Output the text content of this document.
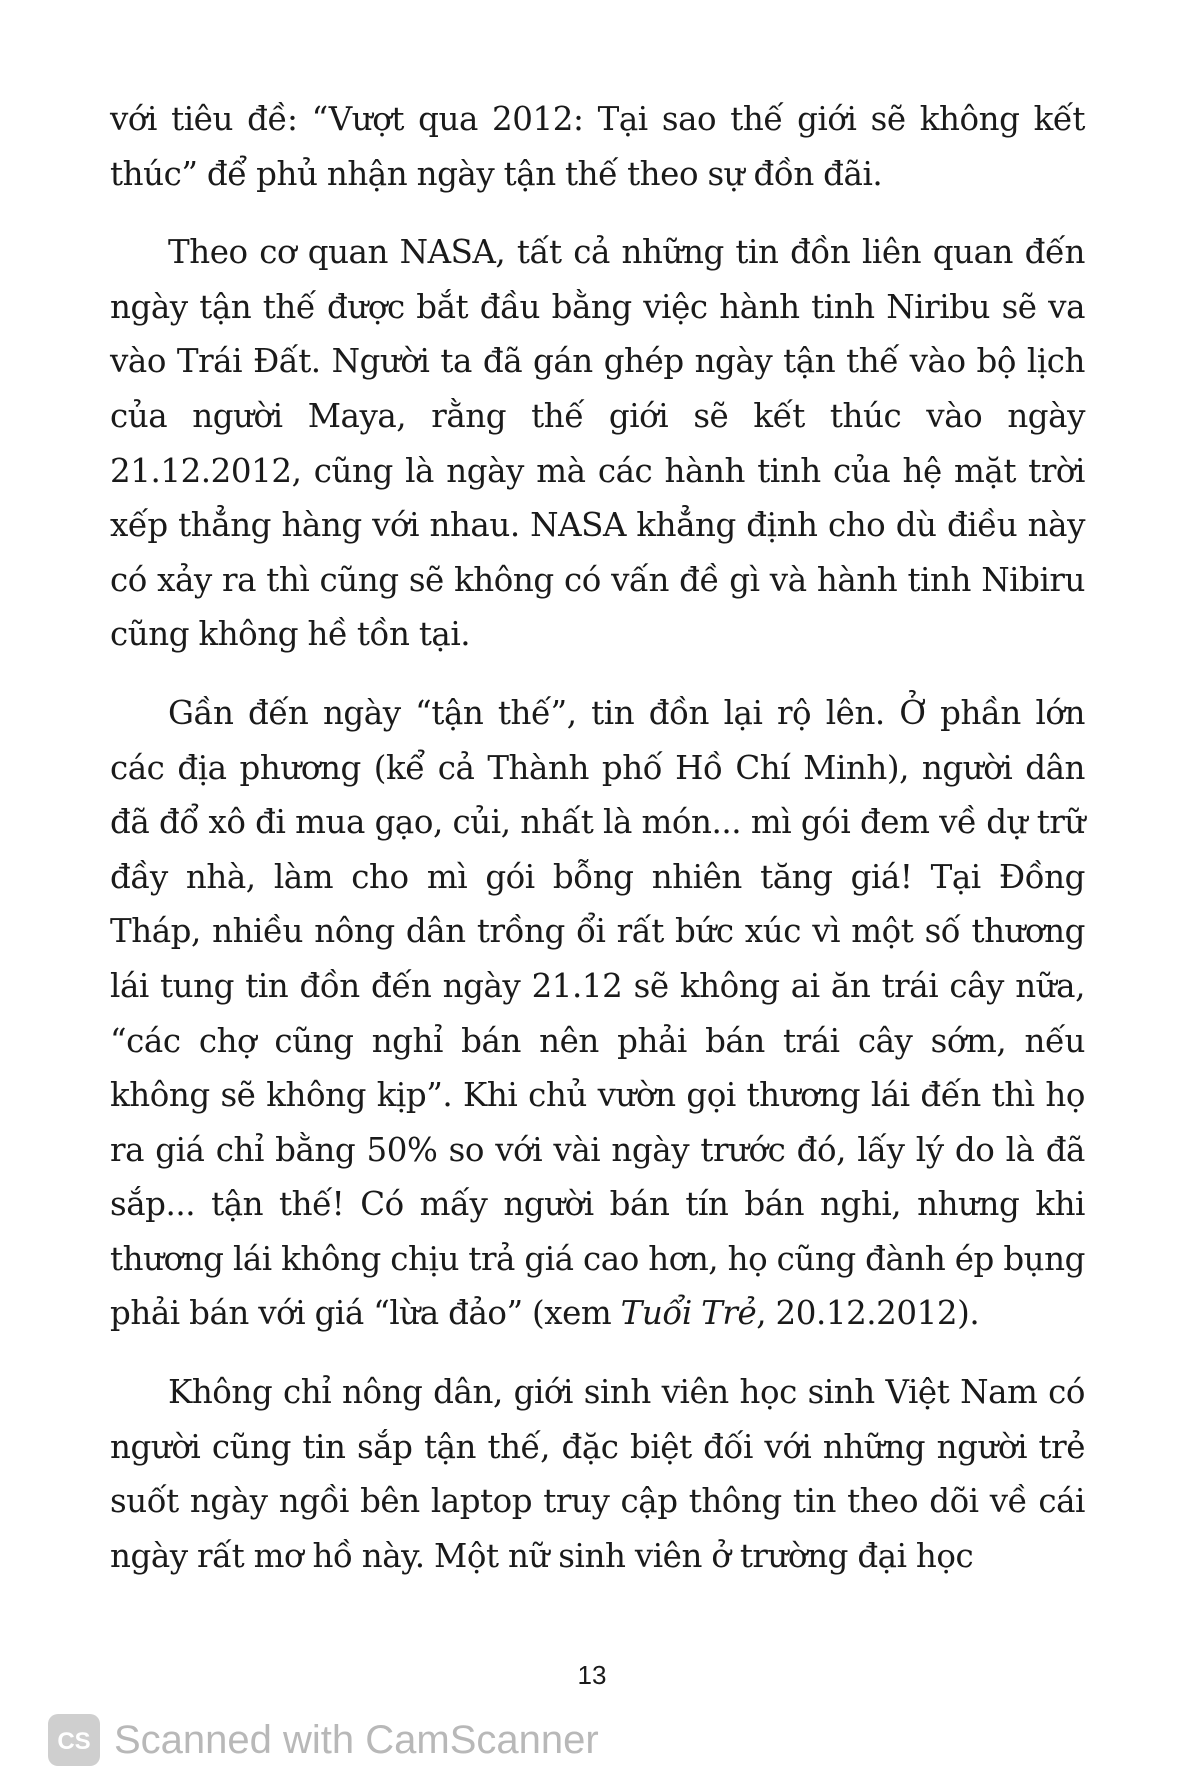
với tiêu đề: “Vượt qua 2012: Tại sao thế giới sẽ không kết thúc” để phủ nhận ngày tận thế theo sự đồn đãi.

Theo cơ quan NASA, tất cả những tin đồn liên quan đến ngày tận thế được bắt đầu bằng việc hành tinh Niribu sẽ va vào Trái Đất. Người ta đã gán ghép ngày tận thế vào bộ lịch của người Maya, rằng thế giới sẽ kết thúc vào ngày 21.12.2012, cũng là ngày mà các hành tinh của hệ mặt trời xếp thẳng hàng với nhau. NASA khẳng định cho dù điều này có xảy ra thì cũng sẽ không có vấn đề gì và hành tinh Nibiru cũng không hề tồn tại.

Gần đến ngày “tận thế”, tin đồn lại rộ lên. Ở phần lớn các địa phương (kể cả Thành phố Hồ Chí Minh), người dân đã đổ xô đi mua gạo, củi, nhất là món... mì gói đem về dự trữ đầy nhà, làm cho mì gói bỗng nhiên tăng giá! Tại Đồng Tháp, nhiều nông dân trồng ổi rất bức xúc vì một số thương lái tung tin đồn đến ngày 21.12 sẽ không ai ăn trái cây nữa, “các chợ cũng nghỉ bán nên phải bán trái cây sớm, nếu không sẽ không kịp”. Khi chủ vườn gọi thương lái đến thì họ ra giá chỉ bằng 50% so với vài ngày trước đó, lấy lý do là đã sắp... tận thế! Có mấy người bán tín bán nghi, nhưng khi thương lái không chịu trả giá cao hơn, họ cũng đành ép bụng phải bán với giá “lừa đảo” (xem Tuổi Trẻ, 20.12.2012).

Không chỉ nông dân, giới sinh viên học sinh Việt Nam có người cũng tin sắp tận thế, đặc biệt đối với những người trẻ suốt ngày ngồi bên laptop truy cập thông tin theo dõi về cái ngày rất mơ hồ này. Một nữ sinh viên ở trường đại học

13
CS Scanned with CamScanner
